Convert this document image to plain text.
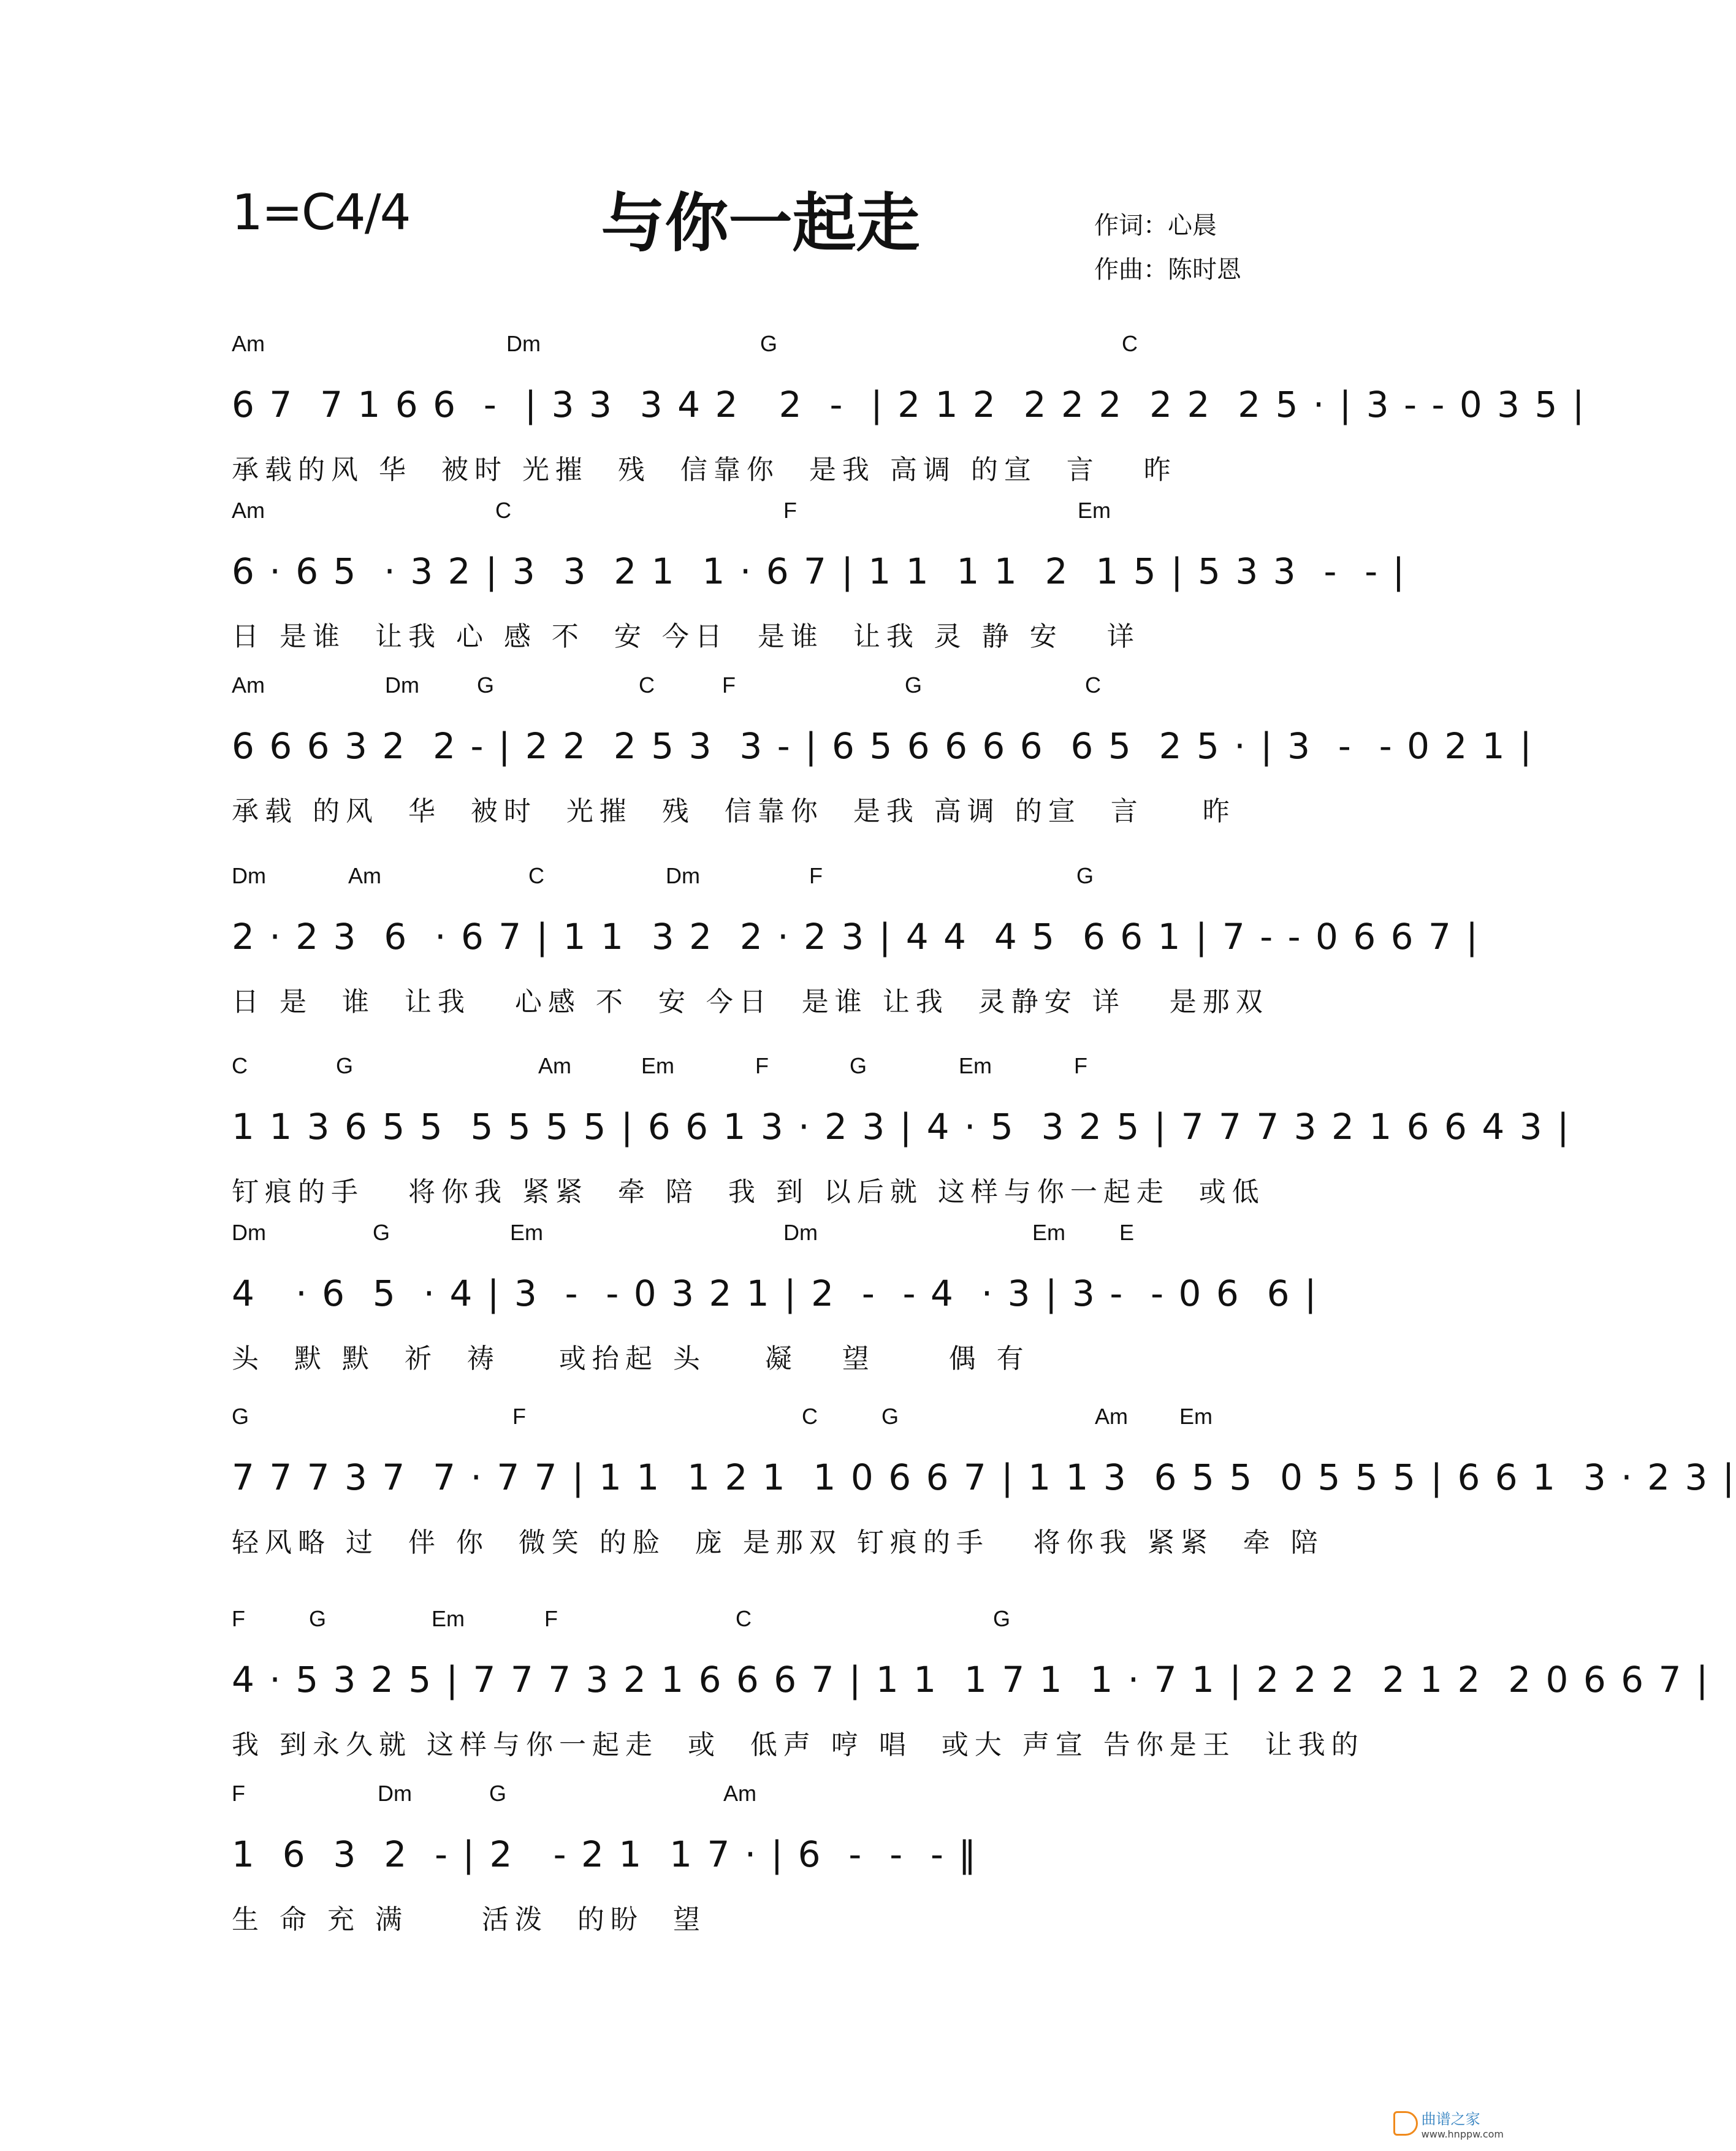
1=C4/4	与你一起走	作词：心晨
作曲：陈时恩
Am	Dm	G	C
6 7  7 1 6 6  -  | 3 3  3 4 2   2  -  | 2 1 2  2 2 2  2 2  2 5 · | 3 - - 0 3 5 |
承载的风 华  被时 光摧  残  信靠你  是我 高调 的宣  言   昨
Am	C	F	Em
6 · 6 5  · 3 2 | 3  3  2 1  1 · 6 7 | 1 1  1 1  2  1 5 | 5 3 3  -  - |
日 是谁  让我 心 感 不  安 今日  是谁  让我 灵 静 安   详
Am	Dm	G	C	F	G	C
6 6 6 3 2  2 - | 2 2  2 5 3  3 - | 6 5 6 6 6 6  6 5  2 5 · | 3  -  - 0 2 1 |
承载 的风  华  被时  光摧  残  信靠你  是我 高调 的宣  言    昨
Dm	Am	C	Dm	F	G
2 · 2 3  6  · 6 7 | 1 1  3 2  2 · 2 3 | 4 4  4 5  6 6 1 | 7 - - 0 6 6 7 |
日 是  谁  让我   心感 不  安 今日  是谁 让我  灵静安 详   是那双
C	G	Am	Em	F	G	Em	F
1 1 3 6 5 5  5 5 5 5 | 6 6 1 3 · 2 3 | 4 · 5  3 2 5 | 7 7 7 3 2 1 6 6 4 3 |
钉痕的手   将你我 紧紧  牵 陪  我 到 以后就 这样与你一起走  或低
Dm	G	Em	Dm	Em E
4   · 6  5  · 4 | 3  -  - 0 3 2 1 | 2  -  - 4  · 3 | 3 -  - 0 6  6 |
头  默 默  祈  祷    或抬起 头    凝   望     偶 有
G	F	C	G	Am Em
7 7 7 3 7  7 · 7 7 | 1 1  1 2 1  1 0 6 6 7 | 1 1 3  6 5 5  0 5 5 5 | 6 6 1  3 · 2 3 |
轻风略 过  伴 你  微笑 的脸  庞 是那双 钉痕的手   将你我 紧紧  牵 陪
F	G	Em	F	C	G
4 · 5 3 2 5 | 7 7 7 3 2 1 6 6 6 7 | 1 1  1 7 1  1 · 7 1 | 2 2 2  2 1 2  2 0 6 6 7 |
我 到永久就 这样与你一起走  或  低声 哼 唱  或大 声宣 告你是王  让我的
F	Dm	G	Am
1  6  3  2  - | 2   - 2 1  1 7 · | 6  -  -  - ‖
生 命 充 满     活泼  的盼  望
曲谱之家
www.hnppw.com
